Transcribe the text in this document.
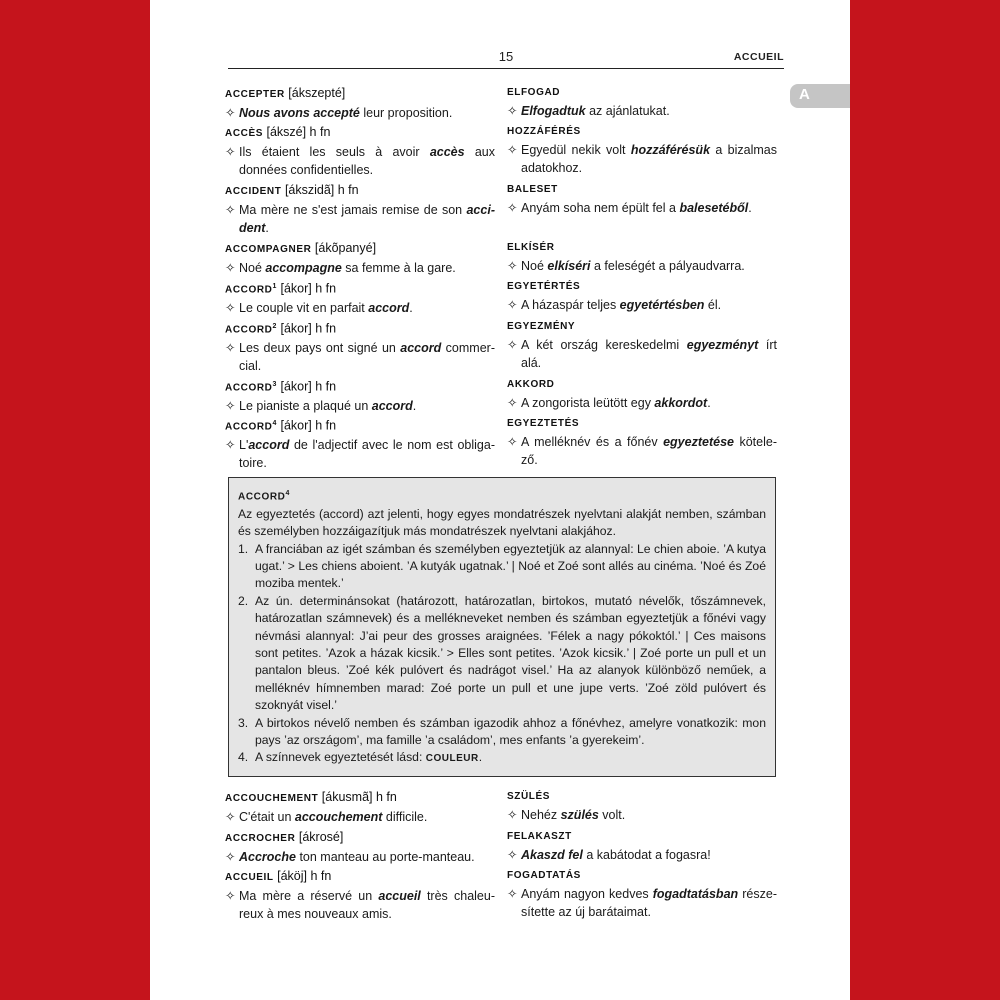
15	ACCUEIL
A
ACCEPTER [ákszepté]
✧ Nous avons accepté leur proposition.
ACCÈS [ákszé] h fn
✧ Ils étaient les seuls à avoir accès aux données confidentielles.
ACCIDENT [ákszidã] h fn
✧ Ma mère ne s'est jamais remise de son accident.
ACCOMPAGNER [ákõpanyé]
✧ Noé accompagne sa femme à la gare.
ACCORD$^1$ [ákor] h fn
✧ Le couple vit en parfait accord.
ACCORD$^2$ [ákor] h fn
✧ Les deux pays ont signé un accord commercial.
ACCORD$^3$ [ákor] h fn
✧ Le pianiste a plaqué un accord.
ACCORD$^4$ [ákor] h fn
✧ L'accord de l'adjectif avec le nom est obligatoire.
ELFOGAD
✧ Elfogadtuk az ajánlatukat.
HOZZÁFÉRÉS
✧ Egyedül nekik volt hozzáférésük a bizalmas adatokhoz.
BALESET
✧ Anyám soha nem épült fel a balesetéből.
ELKÍSÉR
✧ Noé elkíséri a feleségét a pályaudvarra.
EGYETÉRTÉS
✧ A házaspár teljes egyetértésben él.
EGYEZMÉNY
✧ A két ország kereskedelmi egyezményt írt alá.
AKKORD
✧ A zongorista leütött egy akkordot.
EGYEZTETÉS
✧ A melléknév és a főnév egyeztetése kötelező.
ACCORD$^4$

Az egyeztetés (accord) azt jelenti, hogy egyes mondatrészek nyelvtani alakját nemben, számban és személyben hozzáigazítjuk más mondatrészek nyelvtani alakjához.

1. A franciában az igét számban és személyben egyeztetjük az alannyal: Le chien aboie. ’A kutya ugat.’ > Les chiens aboient. ’A kutyák ugatnak.’ | Noé et Zoé sont allés au cinéma. ’Noé és Zoé moziba mentek.’
2. Az ún. determinánsokat (határozott, határozatlan, birtokos, mutató névelők, tőszámnevek, határozatlan számnevek) és a mellékneveket nemben és számban egyeztetjük a főnévi vagy névmási alannyal: J’ai peur des grosses araignées. ’Félek a nagy pókoktól.’ | Ces maisons sont petites. ’Azok a házak kicsik.’ > Elles sont petites. ’Azok kicsik.’ | Zoé porte un pull et un pantalon bleus. ’Zoé kék pulóvert és nadrágot visel.’ Ha az alanyok különböző neműek, a melléknév hímnemben marad: Zoé porte un pull et une jupe verts. ’Zoé zöld pulóvert és szoknyát visel.’
3. A birtokos névelő nemben és számban igazodik ahhoz a főnévhez, amelyre vonatkozik: mon pays ’az országom’, ma famille ’a családom’, mes enfants ’a gyerekeim’.
4. A színnevek egyeztetését lásd: COULEUR.
ACCOUCHEMENT [ákusmã] h fn
✧ C'était un accouchement difficile.
ACCROCHER [ákrosé]
✧ Accroche ton manteau au porte-manteau.
ACCUEIL [áköj] h fn
✧ Ma mère a réservé un accueil très chaleureux à mes nouveaux amis.
SZÜLÉS
✧ Nehéz szülés volt.
FELAKASZT
✧ Akaszd fel a kabátodat a fogasra!
FOGADTATÁS
✧ Anyám nagyon kedves fogadtatásban részesítette az új barátaimat.
